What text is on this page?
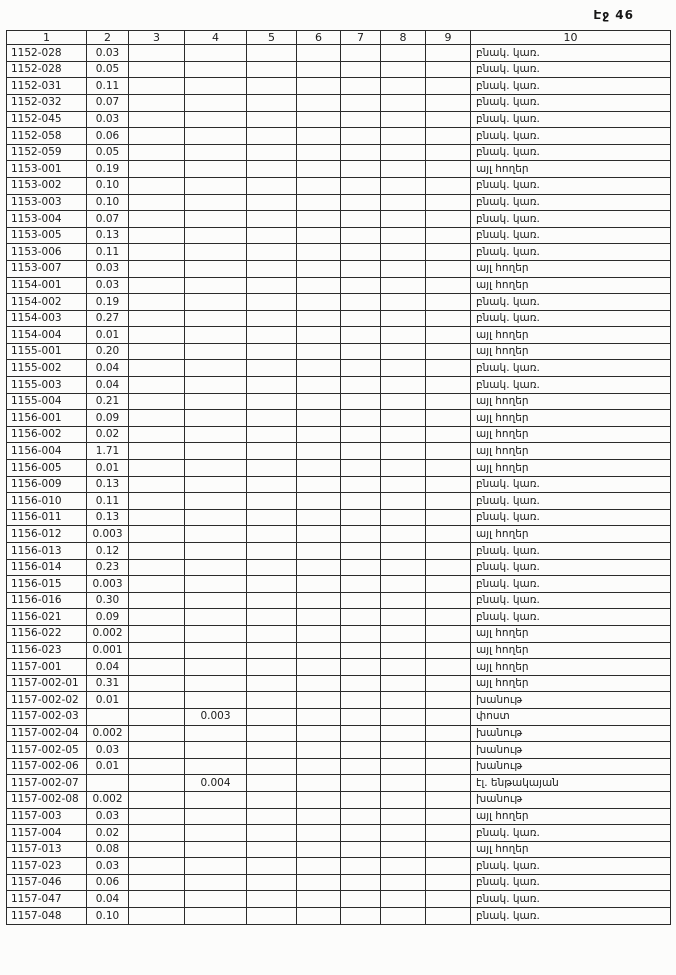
Էջ 46
1	2	3	4	5	6	7	8	9	10
1152-028	0.03								բնակ. կառ.
1152-028	0.05								բնակ. կառ.
1152-031	0.11								բնակ. կառ.
1152-032	0.07								բնակ. կառ.
1152-045	0.03								բնակ. կառ.
1152-058	0.06								բնակ. կառ.
1152-059	0.05								բնակ. կառ.
1153-001	0.19								այլ հողեր
1153-002	0.10								բնակ. կառ.
1153-003	0.10								բնակ. կառ.
1153-004	0.07								բնակ. կառ.
1153-005	0.13								բնակ. կառ.
1153-006	0.11								բնակ. կառ.
1153-007	0.03								այլ հողեր
1154-001	0.03								այլ հողեր
1154-002	0.19								բնակ. կառ.
1154-003	0.27								բնակ. կառ.
1154-004	0.01								այլ հողեր
1155-001	0.20								այլ հողեր
1155-002	0.04								բնակ. կառ.
1155-003	0.04								բնակ. կառ.
1155-004	0.21								այլ հողեր
1156-001	0.09								այլ հողեր
1156-002	0.02								այլ հողեր
1156-004	1.71								այլ հողեր
1156-005	0.01								այլ հողեր
1156-009	0.13								բնակ. կառ.
1156-010	0.11								բնակ. կառ.
1156-011	0.13								բնակ. կառ.
1156-012	0.003								այլ հողեր
1156-013	0.12								բնակ. կառ.
1156-014	0.23								բնակ. կառ.
1156-015	0.003								բնակ. կառ.
1156-016	0.30								բնակ. կառ.
1156-021	0.09								բնակ. կառ.
1156-022	0.002								այլ հողեր
1156-023	0.001								այլ հողեր
1157-001	0.04								այլ հողեր
1157-002-01	0.31								այլ հողեր
1157-002-02	0.01								խանութ
1157-002-03			0.003						փոստ
1157-002-04	0.002								խանութ
1157-002-05	0.03								խանութ
1157-002-06	0.01								խանութ
1157-002-07			0.004						էլ. ենթակայան
1157-002-08	0.002								խանութ
1157-003	0.03								այլ հողեր
1157-004	0.02								բնակ. կառ.
1157-013	0.08								այլ հողեր
1157-023	0.03								բնակ. կառ.
1157-046	0.06								բնակ. կառ.
1157-047	0.04								բնակ. կառ.
1157-048	0.10								բնակ. կառ.
